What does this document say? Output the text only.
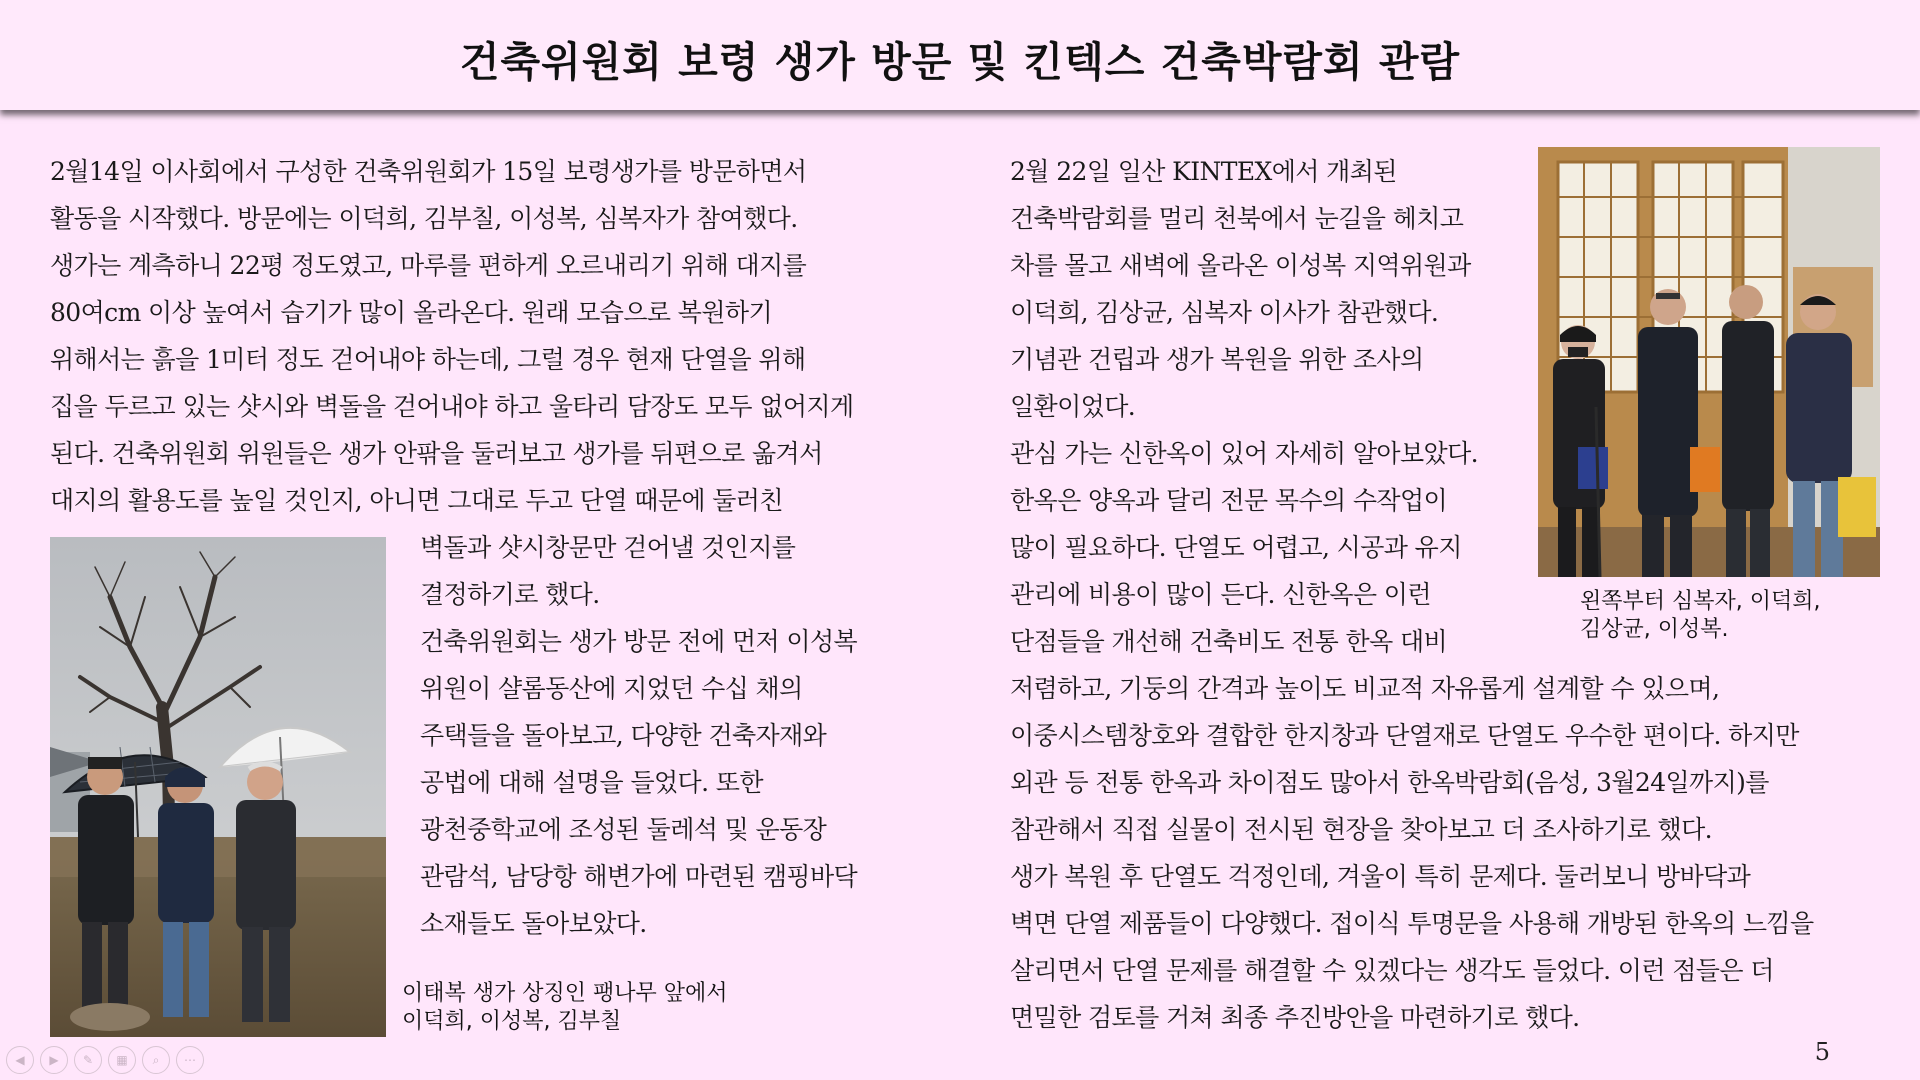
건축위원회 보령 생가 방문 및 킨텍스 건축박람회 관람
2월14일 이사회에서 구성한 건축위원회가 15일 보령생가를 방문하면서
활동을 시작했다. 방문에는 이덕희, 김부칠, 이성복, 심복자가 참여했다.
생가는 계측하니 22평 정도였고, 마루를 편하게 오르내리기 위해 대지를
80여cm 이상 높여서 습기가 많이 올라온다. 원래 모습으로 복원하기
위해서는 흙을 1미터 정도 걷어내야 하는데, 그럴 경우 현재 단열을 위해
집을 두르고 있는 샷시와 벽돌을 걷어내야 하고 울타리 담장도 모두 없어지게
된다. 건축위원회 위원들은 생가 안팎을 둘러보고 생가를 뒤편으로 옮겨서
대지의 활용도를 높일 것인지, 아니면 그대로 두고 단열 때문에 둘러친
벽돌과 샷시창문만 걷어낼 것인지를
결정하기로 했다.
건축위원회는 생가 방문 전에 먼저 이성복
위원이 샬롬동산에 지었던 수십 채의
주택들을 돌아보고, 다양한 건축자재와
공법에 대해 설명을 들었다. 또한
광천중학교에 조성된 둘레석 및 운동장
관람석, 남당항 해변가에 마련된 캠핑바닥
소재들도 돌아보았다.
이태복 생가 상징인 팽나무 앞에서
이덕희, 이성복, 김부칠
2월 22일 일산 KINTEX에서 개최된
건축박람회를 멀리 천북에서 눈길을 헤치고
차를 몰고 새벽에 올라온 이성복 지역위원과
이덕희, 김상균, 심복자 이사가 참관했다.
기념관 건립과 생가 복원을 위한 조사의
일환이었다.
관심 가는 신한옥이 있어 자세히 알아보았다.
한옥은 양옥과 달리 전문 목수의 수작업이
많이 필요하다. 단열도 어렵고, 시공과 유지
관리에 비용이 많이 든다. 신한옥은 이런
단점들을 개선해 건축비도 전통 한옥 대비
저렴하고, 기둥의 간격과 높이도 비교적 자유롭게 설계할 수 있으며,
이중시스템창호와 결합한 한지창과 단열재로 단열도 우수한 편이다. 하지만
외관 등 전통 한옥과 차이점도 많아서 한옥박람회(음성, 3월24일까지)를
참관해서 직접 실물이 전시된 현장을 찾아보고 더 조사하기로 했다.
생가 복원 후 단열도 걱정인데, 겨울이 특히 문제다. 둘러보니 방바닥과
벽면 단열 제품들이 다양했다. 접이식 투명문을 사용해 개방된 한옥의 느낌을
살리면서 단열 문제를 해결할 수 있겠다는 생각도 들었다. 이런 점들은 더
면밀한 검토를 거쳐 최종 추진방안을 마련하기로 했다.
왼쪽부터 심복자, 이덕희,
김상균, 이성복.
5
◀	▶	✎	▦	⌕	⋯
